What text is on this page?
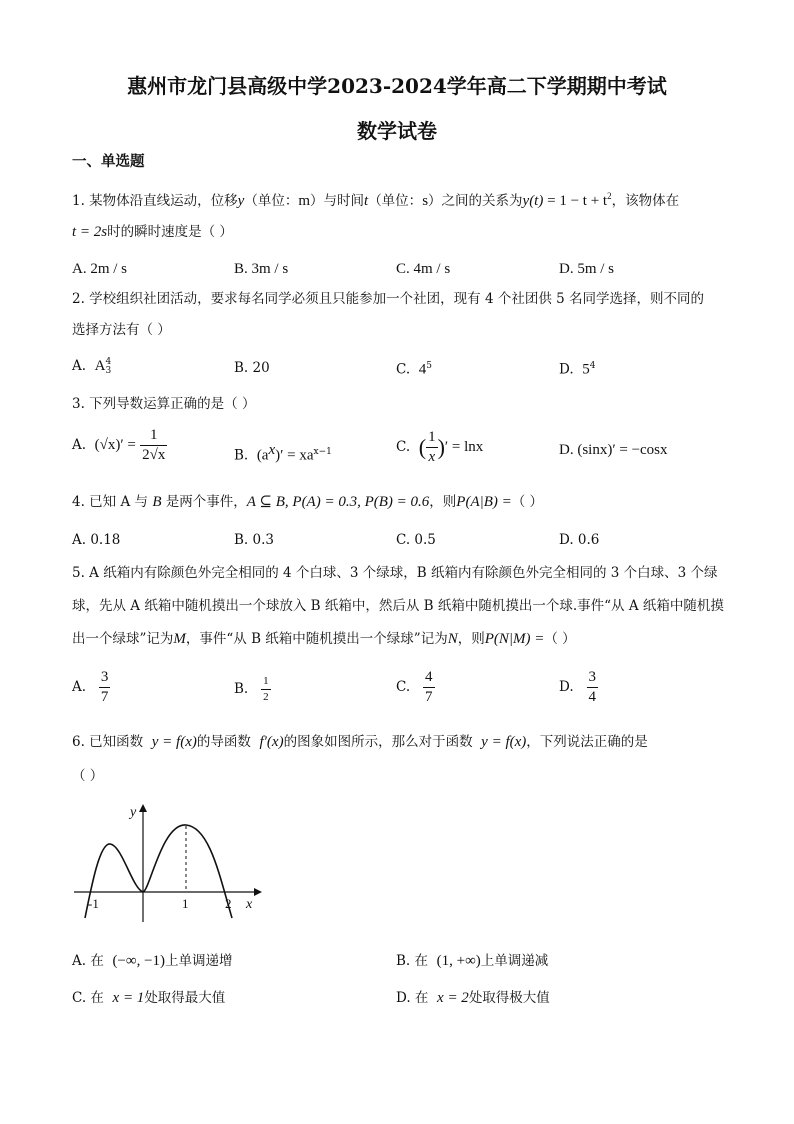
惠州市龙门县高级中学2023-2024学年高二下学期期中考试
数学试卷
一、单选题
1. 某物体沿直线运动，位移y（单位：m）与时间t（单位：s）之间的关系为$y(t) = 1 - t + t^2$，该物体在
t = 2s时的瞬时速度是（ ）
A. 2m / s	B. 3m / s	C. 4m / s	D. 5m / s
2. 学校组织社团活动，要求每名同学必须且只能参加一个社团，现有 4 个社团供 5 名同学选择，则不同的
选择方法有（ ）
A. A 4
3	B. 20	C. $4^5$	D. $5^4$
3. 下列导数运算正确的是（ ）
A. $(√x)' = \frac{1}{2√x}$	B. $(a^x)' = xa^{x-1}$	C. ( $\frac{1}{x}$ )′ = lnx	D. (sinx)′ = −cosx
4. 已知 A 与 B 是两个事件，A ⊆ B, P(A) = 0.3, P(B) = 0.6，则P(A|B) =（ ）
A. 0.18	B. 0.3	C. 0.5	D. 0.6
5. A 纸箱内有除颜色外完全相同的 4 个白球、3 个绿球，B 纸箱内有除颜色外完全相同的 3 个白球、3 个绿
球，先从 A 纸箱中随机摸出一个球放入 B 纸箱中，然后从 B 纸箱中随机摸出一个球.事件“从 A 纸箱中随机摸
出一个绿球”记为M，事件“从 B 纸箱中随机摸出一个绿球”记为N，则P(N|M) =（ ）
A. $\frac{3}{7}$	B. $\frac{1}{2}$	C. $\frac{4}{7}$	D. $\frac{3}{4}$
6. 已知函数 y = f(x)的导函数 f′(x)的图象如图所示，那么对于函数 y = f(x)，下列说法正确的是
（ ）
y
x
-1	1	2
A. 在 (−∞, −1)上单调递增	B. 在 (1, +∞)上单调递减
C. 在 x = 1处取得最大值	D. 在 x = 2处取得极大值
